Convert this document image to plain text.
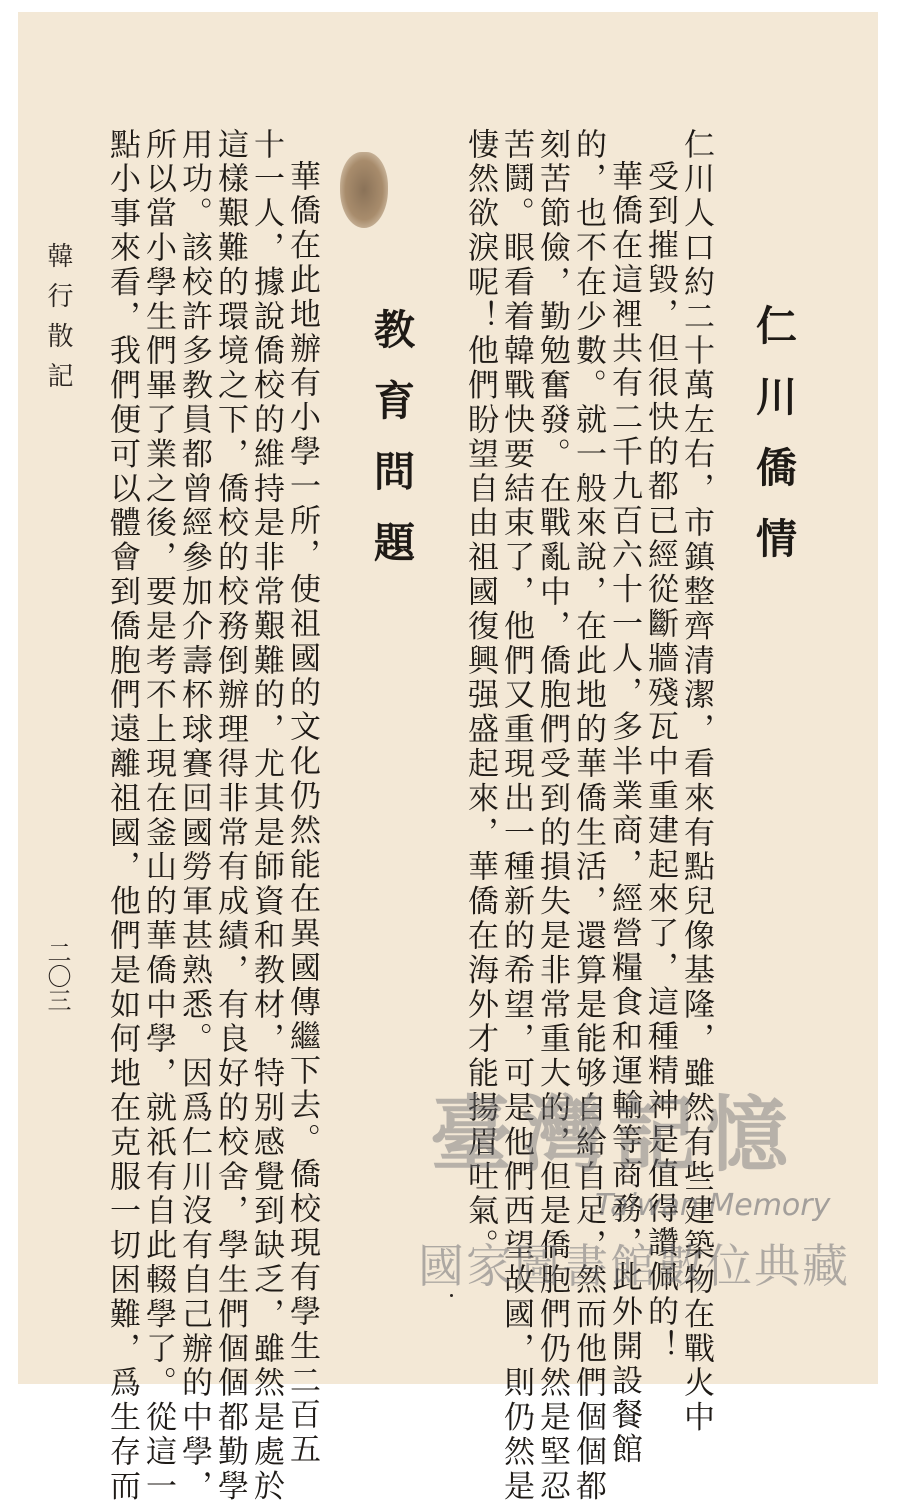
仁川僑情
仁川人口約二十萬左右，市鎮整齊清潔，看來有點兒像基隆，雖然有些建築物在戰火中
受到摧毀，但很快的都已經從斷牆殘瓦中重建起來了，這種精神是值得讚佩的！
華僑在這裡共有二千九百六十一人，多半業商，經營糧食和運輸等商務，此外開設餐館
的，也不在少數。就一般來說，在此地的華僑生活，還算是能够自給自足，然而他們個個都
刻苦節儉，勤勉奮發。在戰亂中，僑胞們受到的損失是非常重大的，但是僑胞們仍然是堅忍
苦鬪。眼看着韓戰快要結束了，他們又重現出一種新的希望，可是他們西望故國，則仍然是
悽然欲淚呢！他們盼望自由祖國復興强盛起來，華僑在海外才能揚眉吐氣。
教育問題
華僑在此地辦有小學一所，使祖國的文化仍然能在異國傳繼下去。僑校現有學生二百五
十一人，據說僑校的維持是非常艱難的，尤其是師資和教材，特别感覺到缺乏，雖然是處於
這樣艱難的環境之下，僑校的校務倒辦理得非常有成績，有良好的校舍，學生們個個都勤學
用功。該校許多教員都曾經參加介壽杯球賽回國勞軍甚熟悉。因爲仁川沒有自己辦的中學，
所以當小學生們畢了業之後，要是考不上現在釜山的華僑中學，就祇有自此輟學了。從這一
點小事來看，我們便可以體會到僑胞們遠離祖國，他們是如何地在克服一切困難，爲生存而
韓行散記
二〇三
臺灣記憶
Taiwan Memory
國家圖書館數位典藏
